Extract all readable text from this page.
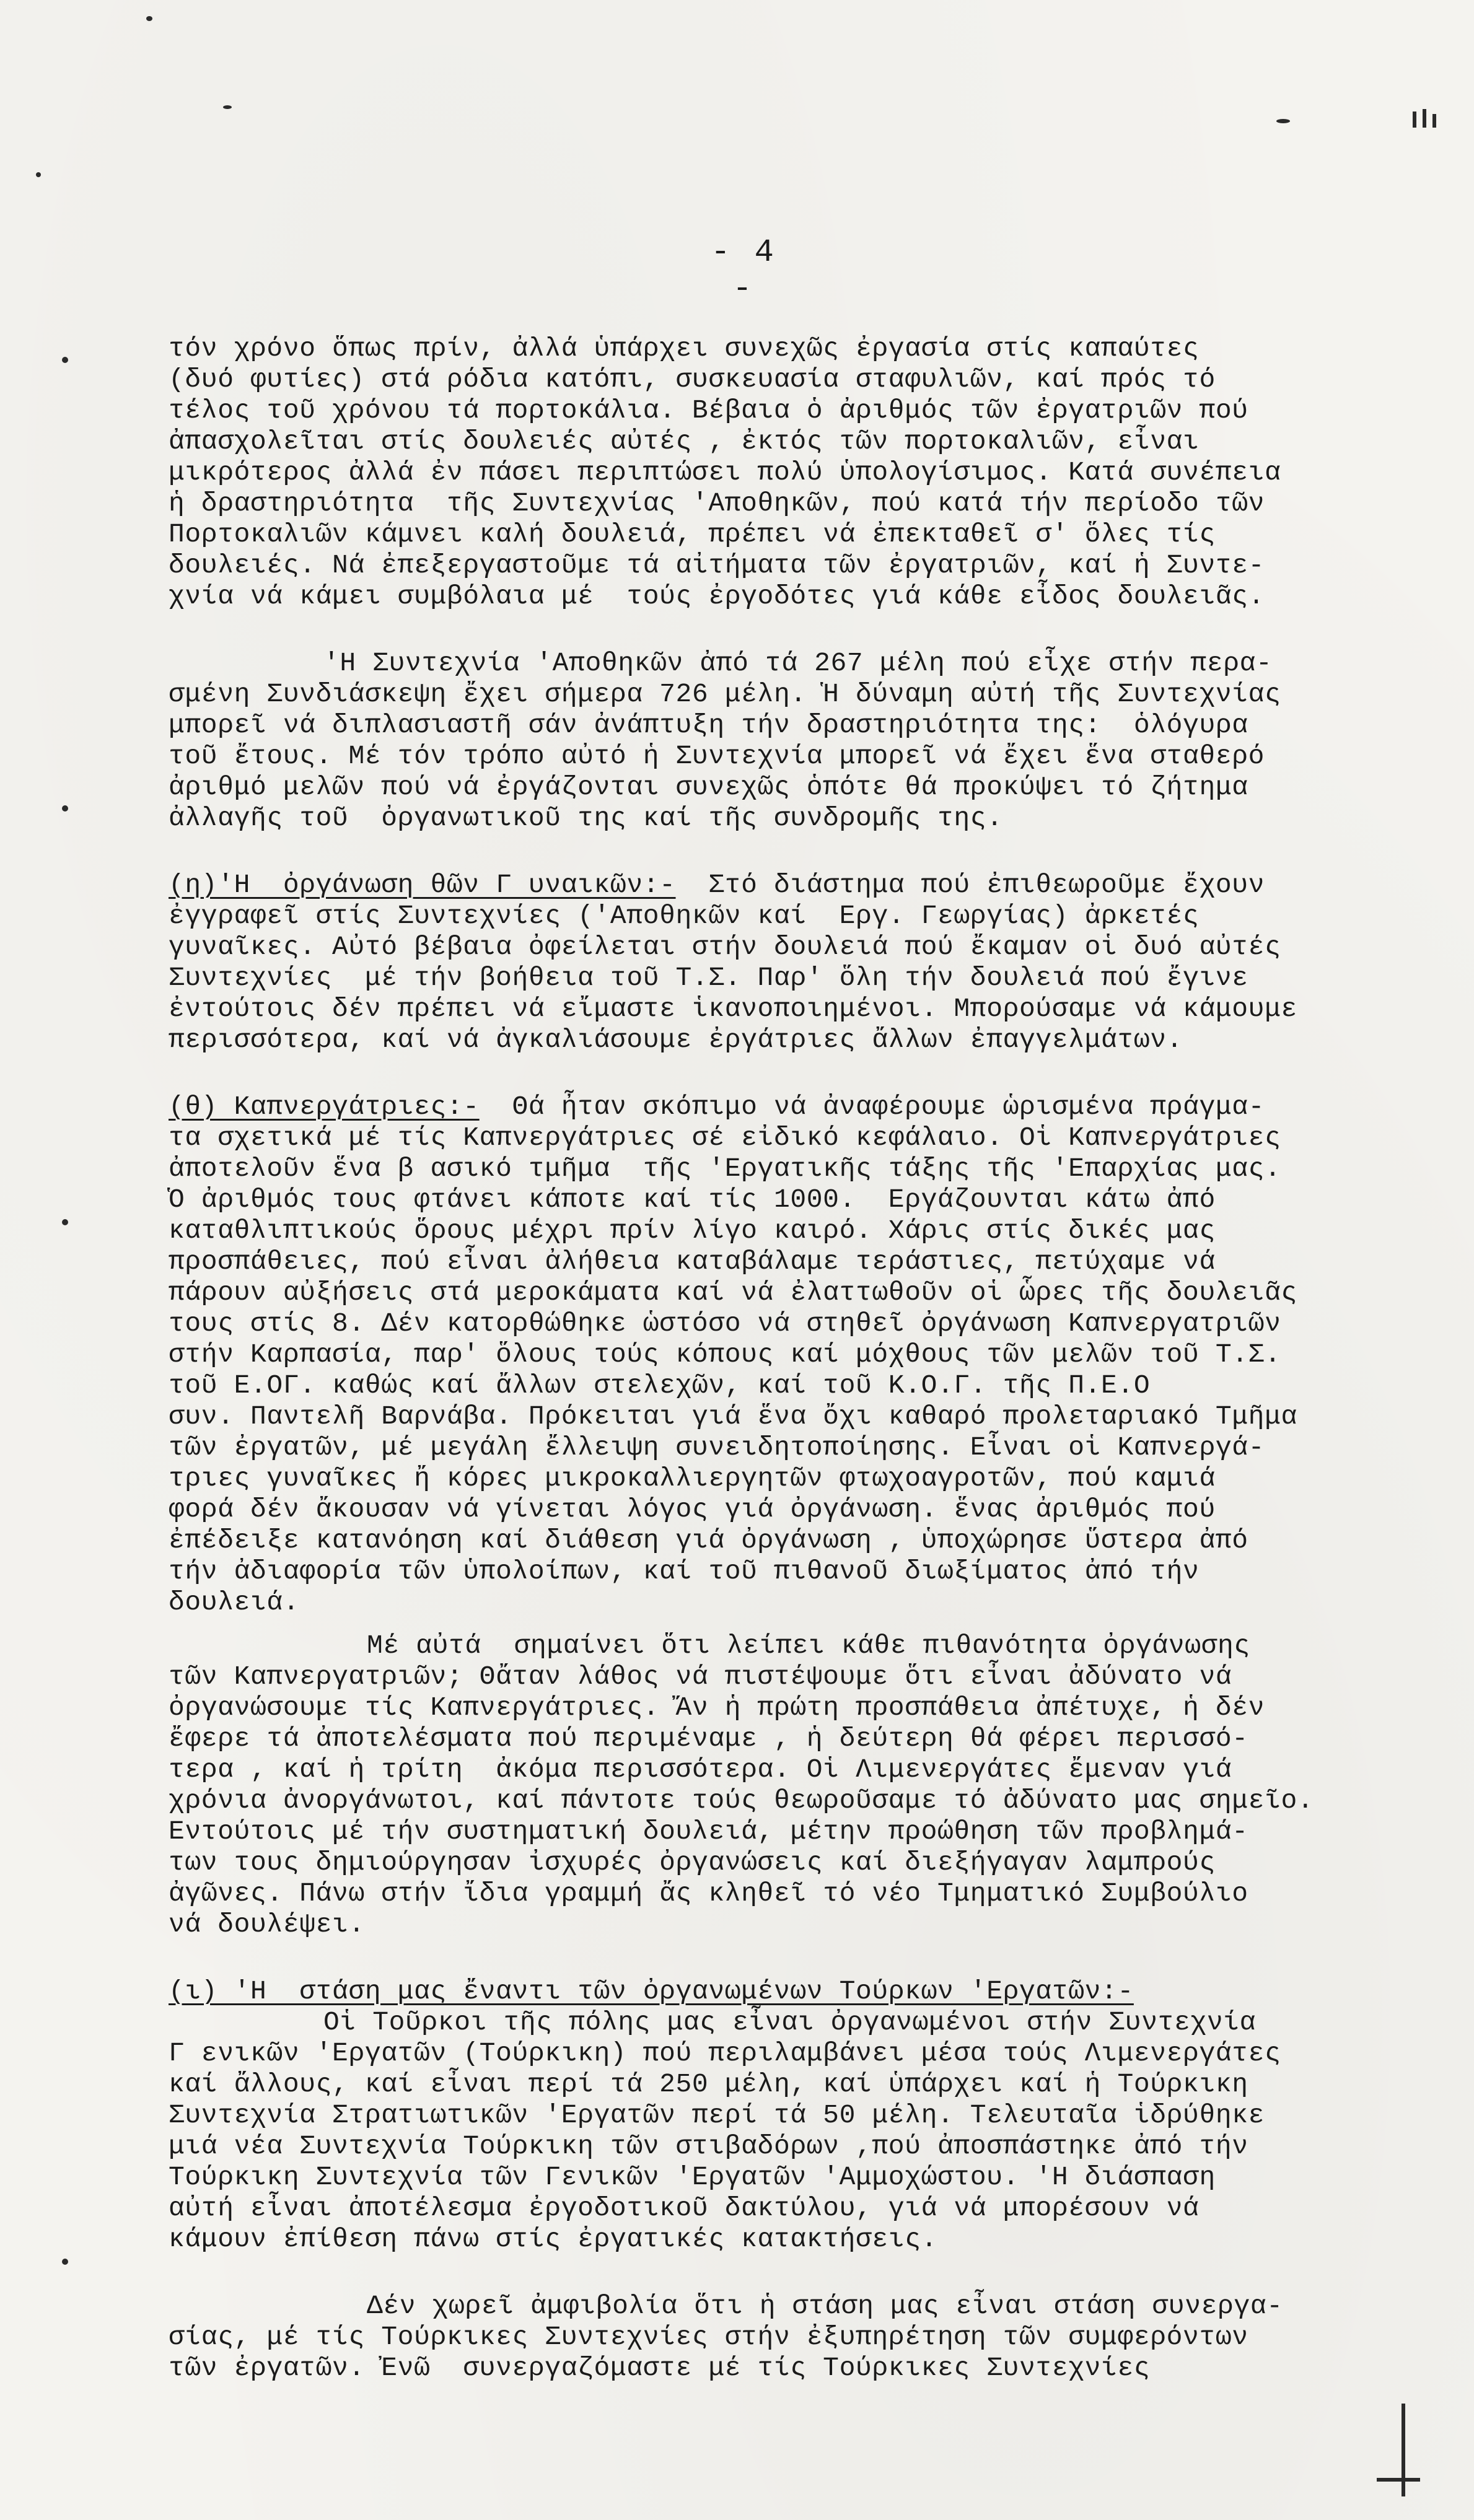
- 4 -
τόν χρόνο ὅπως πρίν, ἀλλά ὑπάρχει συνεχῶς ἐργασία στίς καπαύτες
(δυό φυτίες) στά ρόδια κατόπι, συσκευασία σταφυλιῶν, καί πρός τό
τέλος τοῦ χρόνου τά πορτοκάλια. Βέβαια ὁ ἀριθμός τῶν ἐργατριῶν πού
ἀπασχολεῖται στίς δουλειές αὐτές , ἐκτός τῶν πορτοκαλιῶν, εἶναι
μικρότερος ἀλλά ἐν πάσει περιπτώσει πολύ ὑπολογίσιμος. Κατά συνέπεια
ἡ δραστηριότητα  τῆς Συντεχνίας 'Αποθηκῶν, πού κατά τήν περίοδο τῶν
Πορτοκαλιῶν κάμνει καλή δουλειά, πρέπει νά ἐπεκταθεῖ σ' ὅλες τίς
δουλειές. Νά ἐπεξεργαστοῦμε τά αἰτήματα τῶν ἐργατριῶν, καί ἡ Συντε-
χνία νά κάμει συμβόλαια μέ  τούς ἐργοδότες γιά κάθε εἶδος δουλειᾶς.
'Η Συντεχνία 'Αποθηκῶν ἀπό τά 267 μέλη πού εἶχε στήν περα-
σμένη Συνδιάσκεψη ἔχει σήμερα 726 μέλη. Ἡ δύναμη αὐτή τῆς Συντεχνίας
μπορεῖ νά διπλασιαστῆ σάν ἀνάπτυξη τήν δραστηριότητα της:  ὁλόγυρα
τοῦ ἔτους. Μέ τόν τρόπο αὐτό ἡ Συντεχνία μπορεῖ νά ἔχει ἕνα σταθερό
ἀριθμό μελῶν πού νά ἐργάζονται συνεχῶς ὁπότε θά προκύψει τό ζήτημα
ἀλλαγῆς τοῦ  ὀργανωτικοῦ της καί τῆς συνδρομῆς της.
(η)'Η  ὀργάνωση θῶν Γ υναικῶν:-  Στό διάστημα πού ἐπιθεωροῦμε ἔχουν
ἐγγραφεῖ στίς Συντεχνίες ('Αποθηκῶν καί  Εργ. Γεωργίας) ἀρκετές
γυναῖκες. Αὐτό βέβαια ὀφείλεται στήν δουλειά πού ἔκαμαν οἱ δυό αὐτές
Συντεχνίες  μέ τήν βοήθεια τοῦ Τ.Σ. Παρ' ὅλη τήν δουλειά πού ἔγινε
ἐντούτοις δέν πρέπει νά εἴμαστε ἱκανοποιημένοι. Μπορούσαμε νά κάμουμε
περισσότερα, καί νά ἀγκαλιάσουμε ἐργάτριες ἄλλων ἐπαγγελμάτων.
(θ) Καπνεργάτριες:-  Θά ἦταν σκόπιμο νά ἀναφέρουμε ὡρισμένα πράγμα-
τα σχετικά μέ τίς Καπνεργάτριες σέ εἰδικό κεφάλαιο. Οἱ Καπνεργάτριες
ἀποτελοῦν ἕνα β ασικό τμῆμα  τῆς 'Εργατικῆς τάξης τῆς 'Επαρχίας μας.
Ὁ ἀριθμός τους φτάνει κάποτε καί τίς 1000.  Εργάζουνται κάτω ἀπό
καταθλιπτικούς ὅρους μέχρι πρίν λίγο καιρό. Χάρις στίς δικές μας
προσπάθειες, πού εἶναι ἀλήθεια καταβάλαμε τεράστιες, πετύχαμε νά
πάρουν αὐξήσεις στά μεροκάματα καί νά ἐλαττωθοῦν οἱ ὧρες τῆς δουλειᾶς
τους στίς 8. Δέν κατορθώθηκε ὡστόσο νά στηθεῖ ὀργάνωση Καπνεργατριῶν
στήν Καρπασία, παρ' ὅλους τούς κόπους καί μόχθους τῶν μελῶν τοῦ Τ.Σ.
τοῦ Ε.ΟΓ. καθώς καί ἄλλων στελεχῶν, καί τοῦ Κ.Ο.Γ. τῆς Π.Ε.Ο
συν. Παντελῆ Βαρνάβα. Πρόκειται γιά ἕνα ὄχι καθαρό προλεταριακό Τμῆμα
τῶν ἐργατῶν, μέ μεγάλη ἔλλειψη συνειδητοποίησης. Εἶναι οἱ Καπνεργά-
τριες γυναῖκες ἤ κόρες μικροκαλλιεργητῶν φτωχοαγροτῶν, πού καμιά
φορά δέν ἄκουσαν νά γίνεται λόγος γιά ὀργάνωση. ἕνας ἀριθμός πού
ἐπέδειξε κατανόηση καί διάθεση γιά ὀργάνωση , ὑποχώρησε ὕστερα ἀπό
τήν ἀδιαφορία τῶν ὑπολοίπων, καί τοῦ πιθανοῦ διωξίματος ἀπό τήν
δουλειά.
Μέ αὐτά  σημαίνει ὅτι λείπει κάθε πιθανότητα ὀργάνωσης
τῶν Καπνεργατριῶν; Θἄταν λάθος νά πιστέψουμε ὅτι εἶναι ἀδύνατο νά
ὀργανώσουμε τίς Καπνεργάτριες. Ἄν ἡ πρώτη προσπάθεια ἀπέτυχε, ἡ δέν
ἔφερε τά ἀποτελέσματα πού περιμέναμε , ἡ δεύτερη θά φέρει περισσό-
τερα , καί ἡ τρίτη  ἀκόμα περισσότερα. Οἱ Λιμενεργάτες ἔμεναν γιά
χρόνια ἀνοργάνωτοι, καί πάντοτε τούς θεωροῦσαμε τό ἀδύνατο μας σημεῖο.
Εντούτοις μέ τήν συστηματική δουλειά, μέτην προώθηση τῶν προβλημά-
των τους δημιούργησαν ἰσχυρές ὀργανώσεις καί διεξήγαγαν λαμπρούς
ἀγῶνες. Πάνω στήν ἴδια γραμμή ἄς κληθεῖ τό νέο Τμηματικό Συμβούλιο
νά δουλέψει.
(ι) 'Η  στάση μας ἔναντι τῶν ὀργανωμένων Τούρκων 'Εργατῶν:-
Οἱ Τοῦρκοι τῆς πόλης μας εἶναι ὀργανωμένοι στήν Συντεχνία
Γ ενικῶν 'Εργατῶν (Τούρκικη) πού περιλαμβάνει μέσα τούς Λιμενεργάτες
καί ἄλλους, καί εἶναι περί τά 250 μέλη, καί ὑπάρχει καί ἡ Τούρκικη
Συντεχνία Στρατιωτικῶν 'Εργατῶν περί τά 50 μέλη. Τελευταῖα ἱδρύθηκε
μιά νέα Συντεχνία Τούρκικη τῶν στιβαδόρων ,πού ἀποσπάστηκε ἀπό τήν
Τούρκικη Συντεχνία τῶν Γενικῶν 'Εργατῶν 'Αμμοχώστου. 'Η διάσπαση
αὐτή εἶναι ἀποτέλεσμα ἐργοδοτικοῦ δακτύλου, γιά νά μπορέσουν νά
κάμουν ἐπίθεση πάνω στίς ἐργατικές κατακτήσεις.
Δέν χωρεῖ ἀμφιβολία ὅτι ἡ στάση μας εἶναι στάση συνεργα-
σίας, μέ τίς Τούρκικες Συντεχνίες στήν ἐξυπηρέτηση τῶν συμφερόντων
τῶν ἐργατῶν. Ἐνῶ  συνεργαζόμαστε μέ τίς Τούρκικες Συντεχνίες
